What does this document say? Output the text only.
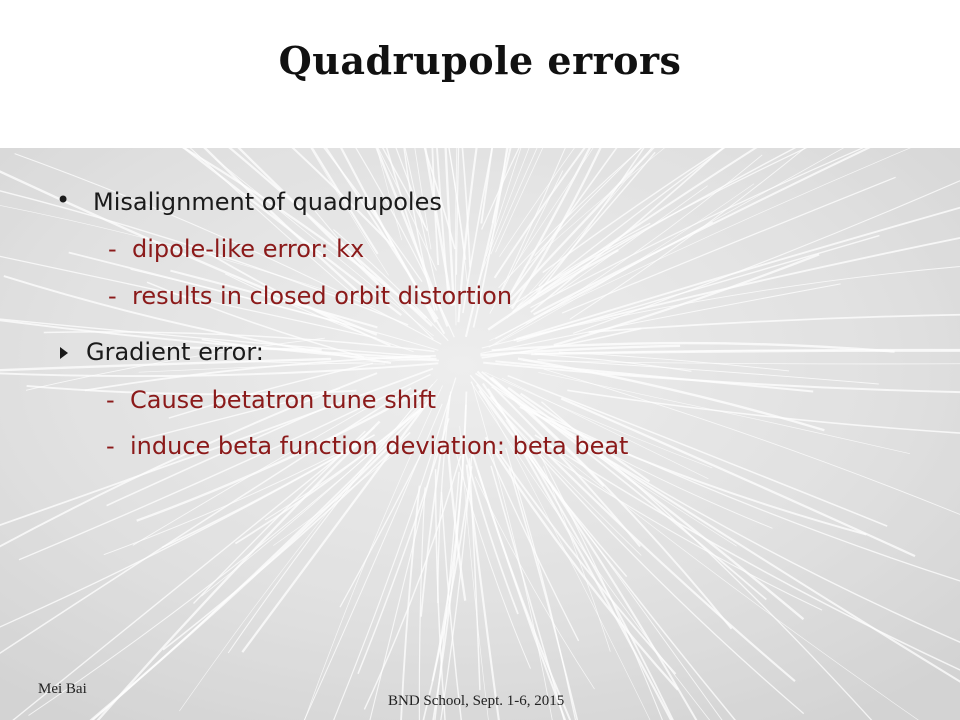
Quadrupole errors
• Misalignment of quadrupoles
- dipole-like error: kx
- results in closed orbit distortion
Gradient error:
- Cause betatron tune shift
- induce beta function deviation: beta beat
Mei Bai
BND School, Sept. 1-6, 2015
